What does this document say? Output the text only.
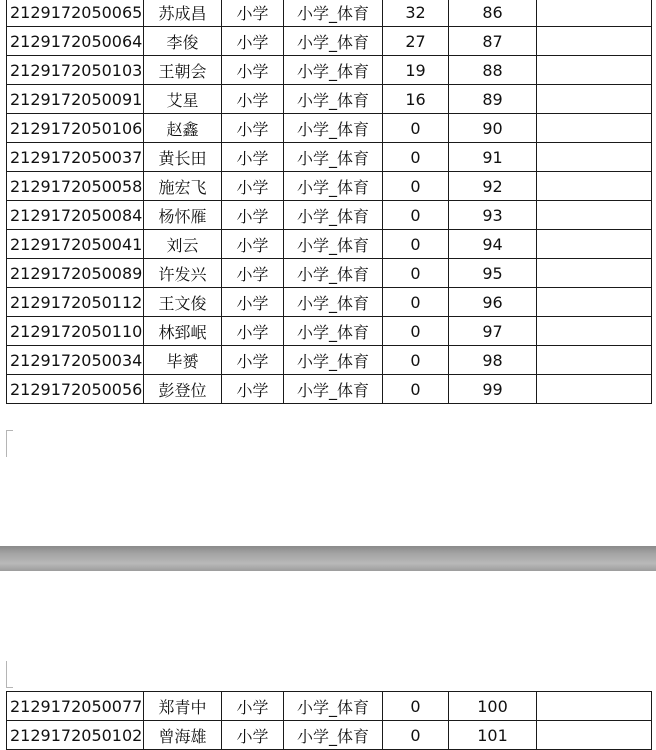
2129172050065	苏成昌	小学	小学_体育	32	86	
2129172050064	李俊	小学	小学_体育	27	87	
2129172050103	王朝会	小学	小学_体育	19	88	
2129172050091	艾星	小学	小学_体育	16	89	
2129172050106	赵鑫	小学	小学_体育	0	90	
2129172050037	黄长田	小学	小学_体育	0	91	
2129172050058	施宏飞	小学	小学_体育	0	92	
2129172050084	杨怀雁	小学	小学_体育	0	93	
2129172050041	刘云	小学	小学_体育	0	94	
2129172050089	许发兴	小学	小学_体育	0	95	
2129172050112	王文俊	小学	小学_体育	0	96	
2129172050110	林郅岷	小学	小学_体育	0	97	
2129172050034	毕赟	小学	小学_体育	0	98	
2129172050056	彭登位	小学	小学_体育	0	99	
2129172050077	郑青中	小学	小学_体育	0	100	
2129172050102	曾海雄	小学	小学_体育	0	101	
